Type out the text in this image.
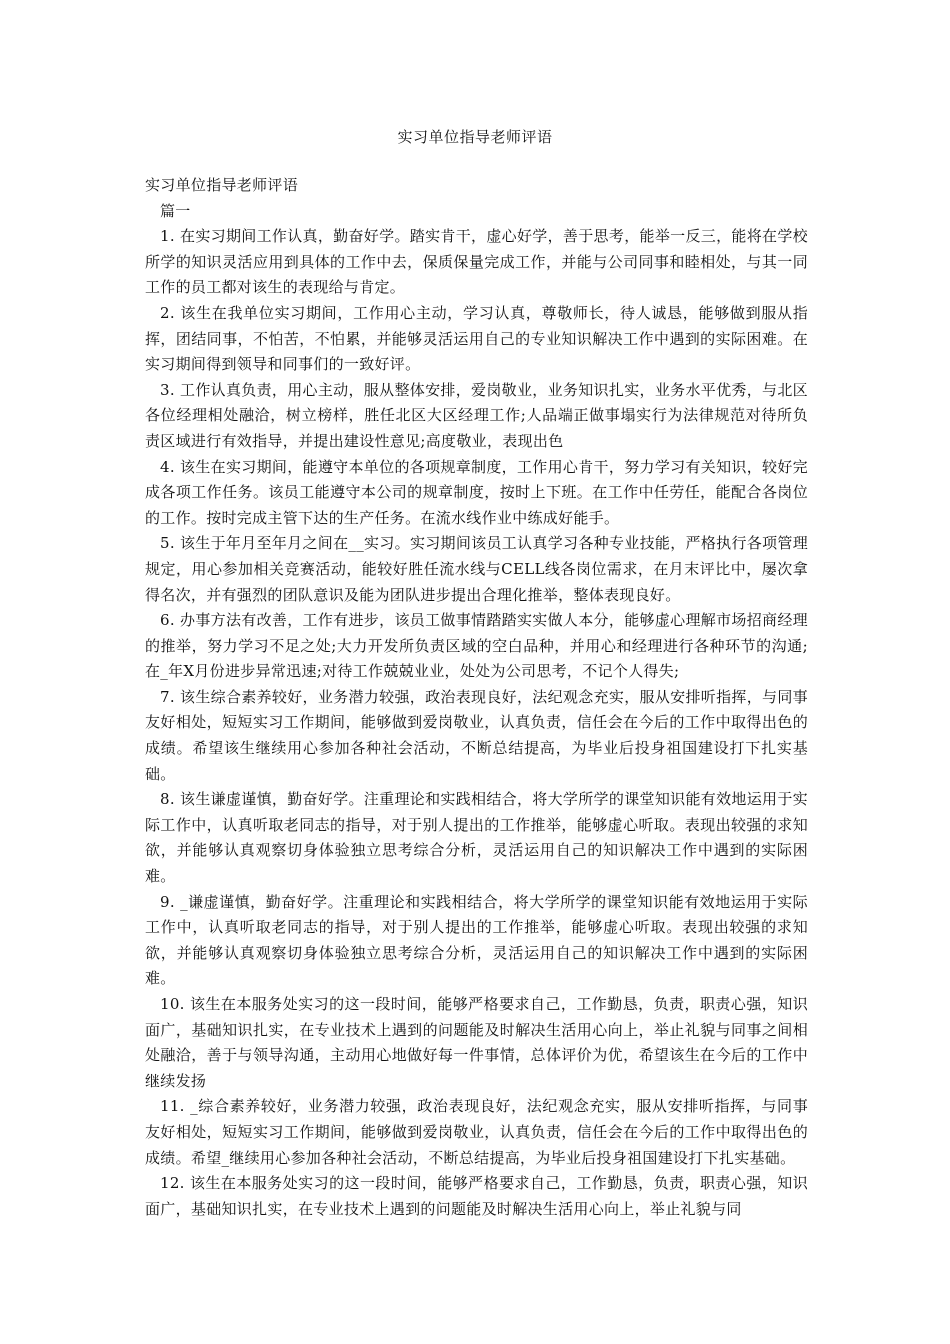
实习单位指导老师评语

实习单位指导老师评语

篇一

1. 在实习期间工作认真，勤奋好学。踏实肯干，虚心好学，善于思考，能举一反三，能将在学校所学的知识灵活应用到具体的工作中去，保质保量完成工作，并能与公司同事和睦相处，与其一同工作的员工都对该生的表现给与肯定。

2. 该生在我单位实习期间，工作用心主动，学习认真，尊敬师长，待人诚恳，能够做到服从指挥，团结同事，不怕苦，不怕累，并能够灵活运用自己的专业知识解决工作中遇到的实际困难。在实习期间得到领导和同事们的一致好评。

3. 工作认真负责，用心主动，服从整体安排，爱岗敬业，业务知识扎实，业务水平优秀，与北区各位经理相处融洽，树立榜样，胜任北区大区经理工作;人品端正做事塌实行为法律规范对待所负责区域进行有效指导，并提出建设性意见;高度敬业，表现出色

4. 该生在实习期间，能遵守本单位的各项规章制度，工作用心肯干，努力学习有关知识，较好完成各项工作任务。该员工能遵守本公司的规章制度，按时上下班。在工作中任劳任，能配合各岗位的工作。按时完成主管下达的生产任务。在流水线作业中练成好能手。

5. 该生于年月至年月之间在__实习。实习期间该员工认真学习各种专业技能，严格执行各项管理规定，用心参加相关竞赛活动，能较好胜任流水线与CELL线各岗位需求，在月末评比中，屡次拿得名次，并有强烈的团队意识及能为团队进步提出合理化推举，整体表现良好。

6. 办事方法有改善，工作有进步，该员工做事情踏踏实实做人本分，能够虚心理解市场招商经理的推举，努力学习不足之处;大力开发所负责区域的空白品种，并用心和经理进行各种环节的沟通;在_年X月份进步异常迅速;对待工作兢兢业业，处处为公司思考，不记个人得失;

7. 该生综合素养较好，业务潜力较强，政治表现良好，法纪观念充实，服从安排听指挥，与同事友好相处，短短实习工作期间，能够做到爱岗敬业，认真负责，信任会在今后的工作中取得出色的成绩。希望该生继续用心参加各种社会活动，不断总结提高，为毕业后投身祖国建设打下扎实基础。

8. 该生谦虚谨慎，勤奋好学。注重理论和实践相结合，将大学所学的课堂知识能有效地运用于实际工作中，认真听取老同志的指导，对于别人提出的工作推举，能够虚心听取。表现出较强的求知欲，并能够认真观察切身体验独立思考综合分析，灵活运用自己的知识解决工作中遇到的实际困难。

9. _谦虚谨慎，勤奋好学。注重理论和实践相结合，将大学所学的课堂知识能有效地运用于实际工作中，认真听取老同志的指导，对于别人提出的工作推举，能够虚心听取。表现出较强的求知欲，并能够认真观察切身体验独立思考综合分析，灵活运用自己的知识解决工作中遇到的实际困难。

10. 该生在本服务处实习的这一段时间，能够严格要求自己，工作勤恳，负责，职责心强，知识面广，基础知识扎实，在专业技术上遇到的问题能及时解决生活用心向上，举止礼貌与同事之间相处融洽，善于与领导沟通，主动用心地做好每一件事情，总体评价为优，希望该生在今后的工作中继续发扬

11. _综合素养较好，业务潜力较强，政治表现良好，法纪观念充实，服从安排听指挥，与同事友好相处，短短实习工作期间，能够做到爱岗敬业，认真负责，信任会在今后的工作中取得出色的成绩。希望_继续用心参加各种社会活动，不断总结提高，为毕业后投身祖国建设打下扎实基础。

12. 该生在本服务处实习的这一段时间，能够严格要求自己，工作勤恳，负责，职责心强，知识面广，基础知识扎实，在专业技术上遇到的问题能及时解决生活用心向上，举止礼貌与同
